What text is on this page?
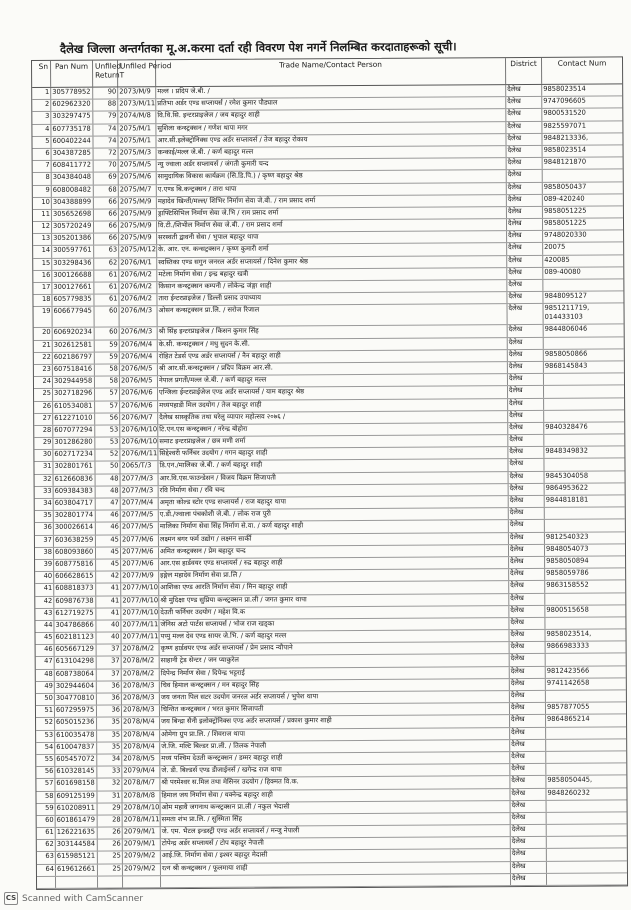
दैलेख जिल्ला अन्तर्गतका मू.अ.करमा दर्ता रही विवरण पेश नगर्ने निलम्बित करदाताहरूको सूची।
Sn Pan Num Unfiled ReturnT
Unfiled Period	Trade Name/Contact Person	District	Contact Num
1 305778952	90 2073/M/9 मल्ल । प्रदिप जे.बी. /	दैलेख	9858023514
2 602962320	88 2073/M/11 प्रतिभा अर्डर एण्ड सप्लायर्स / रमेश कुमार पौड्याल	दैलेख	9747096605
3 303297475	79 2074/M/8 वि.वि.सि. इन्टरप्राइजेज / जय बहादुर शाही	दैलेख	9800531520
4 607735178	74 2075/M/1 सुशिला कन्स्ट्रक्सन / गणेश थापा मगर	दैलेख	9825597071
5 600402244	74 2075/M/1 आर.सी.इलेक्ट्रोनिक्स एण्ड अर्डर सप्लायर्स / तेज बहादुर रोकाय	दैलेख	9848213336,
6 304387285	72 2075/M/3 कन्काई/मल्ल जे.बी. / कर्ण बहादुर मल्ल	दैलेख	9858023514
7 608411772	70 2075/M/5 न्यु ज्वाला अर्डर सप्लायर्स / जंगती कुमारी चन्द	दैलेख	9848121870
8 304384048	69 2075/M/6 सामुदायिक विकास कार्यक्रम (सि.डि.पि.) / कृष्ण बहादुर श्रेष्ठ	दैलेख
9 608008482	68 2075/M/7 ए.एण्ड बि.कन्ट्रक्सन / तारा थापा	दैलेख	9858050437
10 304388899	66 2075/M/9 महादेव खिन्ती/मल्ल/ शिभिर निर्माण सेवा जे.बी. / राम प्रसाद शर्मा	दैलेख	089-420240
11 305652698	66 2075/M/9 ड्राफ्टिसिभिल निर्माण सेवा जे.भि / राम प्रसाद शर्मा	दैलेख	9858051225
12 305720249	66 2075/M/9 वि.टी./शिभील निर्माण सेवा जे.बी. / राम प्रसाद शर्मा	दैलेख	9858051225
13 305201386	66 2075/M/9 सरस्वती द्वावनी सेवा / भुपाल बहादुर थापा	दैलेख	9748020330
14 300597761	63 2075/M/12 के. आर. एन. कन्सट्रक्सन / कृष्ण कुमारी शर्मा	दैलेख	20075
15 303298436	62 2076/M/1 स्वस्तिका एण्ड सगुन जनरल अर्डर सप्लायर्स / दिनेश कुमार श्रेष्ठ	दैलेख	420085
16 300126688	61 2076/M/2 मटेला निर्माण सेवा / इन्द्र बहादुर खत्री	दैलेख	089-40080
17 300127661	61 2076/M/2 किसान कन्स्ट्रक्सन कम्पनी / लोकेन्द्र जंङ्गा शाही	दैलेख
18 605779835	61 2076/M/2 तारा ईन्टरप्राइजेज / डिल्ली प्रसाद उपाध्याय	दैलेख	9848095127
19 606677945	60 2076/M/3 ओसन कन्सट्रक्सन प्रा.लि. / सरोज रिजाल	दैलेख	9851211719, 014433103
20 606920234	60 2076/M/3 श्री सिंह इन्टरप्राइजेज / किसन कुमार सिंह	दैलेख	9844806046
21 302612581	59 2076/M/4 के.सी. कन्सट्रक्सन / मधु सुदन के.सी.	दैलेख
22 602186797	59 2076/M/4 रोहित टेडर्स एण्ड अर्डर सप्लायर्स / नैन बहादुर शाही	दैलेख	9858050866
23 607518416	58 2076/M/5 श्री आर.सी.कन्सट्रक्सन / प्रदिप विक्रम आर.सी.	दैलेख	9868145843
24 302944958	58 2076/M/5 नेपाल प्रगती/मल्ल जे.बी. / कर्ण बहादुर मल्ल	दैलेख
25 302718296	57 2076/M/6 एन्जिला ईन्टरप्राईजेज एण्ड अर्डर सप्लायर्स / याम बहादुर श्रेष्ठ	दैलेख
26 610534081	57 2076/M/6 मध्यपहाडी मिल उदयोग / तेज बहादुर शाही	दैलेख
27 612271010	56 2076/M/7 दैलेख सास्कृतिक तथा घरेलु व्यापार महोत्सव २०७६ /	दैलेख
28 607077294	53 2076/M/10 टि.एन.एस कन्स्ट्रक्सन / नरेन्द्र बोहोरा	दैलेख	9840328476
29 301286280	53 2076/M/10 समाट इन्टरप्राइजेज / छत्र मणी शर्मा	दैलेख
30 602717234	52 2076/M/11 सिद्देश्वरी फर्निचर उदयोग / गगन बहादुर शाही	दैलेख	9848349832
31 302801761	50 2065/T/3	डि.एन./मालिका जे.बी. / कर्ण बहादुर शाही	दैलेख
32 612660836	48 2077/M/3 आर.वि.एस.फाउन्डेसन / विजय विक्रम सिजापती	दैलेख	9845304058
33 609384383	48 2077/M/3 रवि निर्माण सेवा / रवि चन्द	दैलेख	9864953622
34 603804717	47 2077/M/4 अमृता कोल्ड स्टोर एण्ड सप्लायर्स / राज बहादुर थापा	दैलेख	9844818181
35 302801774	46 2077/M/5 ए.डी./ज्वाला पंचकोशी जे.बी. / लोक राज पुरी	दैलेख
36 300026614	46 2077/M/5 मालिका निर्माण सेवा सिंह निर्माण से.वा. / कर्ण बहादुर शाही	दैलेख
37 603638259	45 2077/M/6 लक्ष्मन बगर फर्म उद्योग / लक्ष्मन सार्की	दैलेख	9812540323
38 608093860	45 2077/M/6 अमित कन्स्ट्रक्सन / प्रेम बहादुर चन्द	दैलेख	9848054073
39 608775816	45 2077/M/6 आर.एस हार्डवयर एण्ड सप्लायर्स / रुद्र बहादुर शाही	दैलेख	9858050894
40 606628615	42 2077/M/9 इङ्गेल महादेव निर्माण सेवा प्रा.लि /	दैलेख	9858059786
41 608818373	41 2077/M/10 आशिका एण्ड आरति निर्माण सेवा / मिन बहादुर शाही	दैलेख	9863158552
42 609876738	41 2077/M/10 श्री मुदिक्षा एण्ड सुप्रिया कन्स्ट्रक्सन प्रा.ली / जगत कुमार थापा	दैलेख
43 612719275	41 2077/M/10 देउती फर्निचर उदयोग / महेश वि.क	दैलेख	9800515658
44 304786866	40 2077/M/11 जेनिस अटो पार्टस सप्लायर्स / भोज राज खड्का	दैलेख
45 602181123	40 2077/M/11 पप्पु मल्ल देव एण्ड सायर जे.भि. / कर्ण बहादुर मल्ल	दैलेख	9858023514,
46 605667129	37 2078/M/2 कृष्ण हार्डवयर एण्ड अर्डर सप्लायर्स / प्रेम प्रसाद न्यौपाने	दैलेख	9866983333
47 613104298	37 2078/M/2 साहानी ट्रेड सेन्टर / जन प्याकुरेल	दैलेख
48 608738064	37 2078/M/2 दिपेन्द्र निर्माण सेवा / दिपेन्द्र भट्टराई	दैलेख	9812423566
49 302944604	36 2078/M/3 चिव हिमाल कन्स्ट्रक्सन / मन बहादुर सिंह	दैलेख	9741142658
50 304770810	36 2078/M/3 जय जनता पिल सटर उदयोग जनरल अर्डर सप्लायर्स / भुपेश थापा	दैलेख
51 607295975	36 2078/M/3 चिन्तित कन्स्ट्रक्सन / भरत कुमार सिजापती	दैलेख	9857877055
52 605015236	35 2078/M/4 जय बिन्द्रा सैनी इलोक्ट्रोनिक्स एण्ड अर्डर सप्लायर्स / प्रकाश कुमार शाही	दैलेख	9864865214
53 610035478	35 2078/M/4 ओमेगा ग्रुप प्रा.लि. / शिवराज थापा	दैलेख
54 610047837	35 2078/M/4 जे.जि. मल्टि बिल्डर प्रा.ली. / तिलक नेपाली	दैलेख
55 605457072	34 2078/M/5 मध्य पश्चिम देउती कन्स्ट्रक्सन / डम्मर बहादुर शाही	दैलेख
56 610328145	33 2079/M/4 जे. डी. बिल्डर्स एण्ड डीजाईनर्स / खगेन्द्र राज थापा	दैलेख
57 601698158	32 2078/M/7 श्री परमेश्वर स.मिल तथा मेसिनर उदयोग / हिक्मत वि.क.	दैलेख	9858050445,
58 609125199	31 2078/M/8 हिमाल जय निर्माण सेवा / यक्नेन्द्र बहादुर शाही	दैलेख	9848260232
59 610208911	29 2078/M/10 ओम महावै जगनाथ कन्स्ट्रक्सन प्रा.ली / नकुल भेदासी	दैलेख
60 601861479	28 2078/M/11 समता शंभ प्रा.लि. / सुस्मिता सिंह	दैलेख
61 126221635	26 2079/M/1 जे. एम. भैटल इन्डस्ट्री एण्ड अर्डर सप्लायर्स / मन्जु नेपाली	दैलेख
62 303144584	26 2079/M/1 टोपेन्द्र अर्डर सप्लायर्स / टोप बहादुर नेपाली	दैलेख
63 615985121	25 2079/M/2 आई.जि. निर्माण सेवा / इश्वर बहादुर मेदासी	दैलेख
64 619612661	25 2079/M/2 रत्न श्री कन्स्ट्रक्सन / फूलमाया शाही	दैलेख
दैलेख
CS Scanned with CamScanner
